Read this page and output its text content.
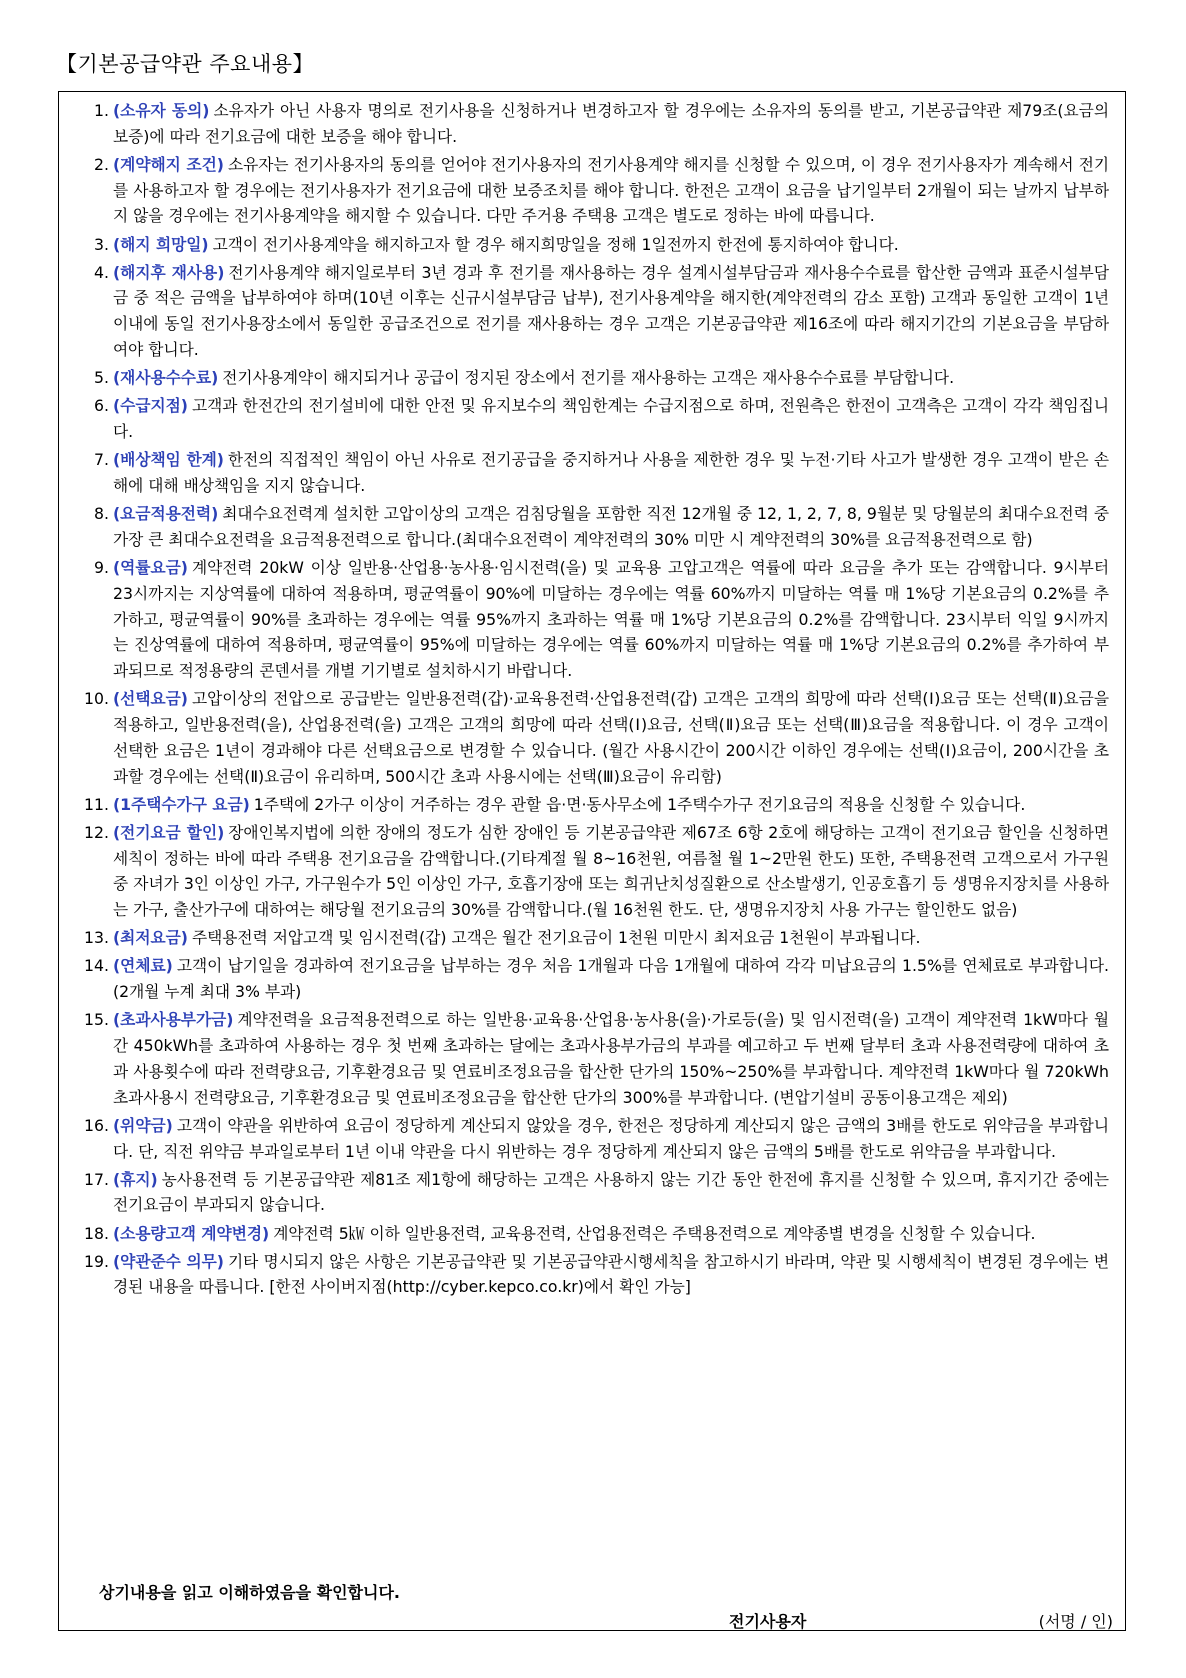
【기본공급약관 주요내용】
1. (소유자 동의) 소유자가 아닌 사용자 명의로 전기사용을 신청하거나 변경하고자 할 경우에는 소유자의 동의를 받고, 기본공급약관 제79조(요금의 보증)에 따라 전기요금에 대한 보증을 해야 합니다.
2. (계약해지 조건) 소유자는 전기사용자의 동의를 얻어야 전기사용자의 전기사용계약 해지를 신청할 수 있으며, 이 경우 전기사용자가 계속해서 전기를 사용하고자 할 경우에는 전기사용자가 전기요금에 대한 보증조치를 해야 합니다. 한전은 고객이 요금을 납기일부터 2개월이 되는 날까지 납부하지 않을 경우에는 전기사용계약을 해지할 수 있습니다. 다만 주거용 주택용 고객은 별도로 정하는 바에 따릅니다.
3. (해지 희망일) 고객이 전기사용계약을 해지하고자 할 경우 해지희망일을 정해 1일전까지 한전에 통지하여야 합니다.
4. (해지후 재사용) 전기사용계약 해지일로부터 3년 경과 후 전기를 재사용하는 경우 설계시설부담금과 재사용수수료를 합산한 금액과 표준시설부담금 중 적은 금액을 납부하여야 하며(10년 이후는 신규시설부담금 납부), 전기사용계약을 해지한(계약전력의 감소 포함) 고객과 동일한 고객이 1년 이내에 동일 전기사용장소에서 동일한 공급조건으로 전기를 재사용하는 경우 고객은 기본공급약관 제16조에 따라 해지기간의 기본요금을 부담하여야 합니다.
5. (재사용수수료) 전기사용계약이 해지되거나 공급이 정지된 장소에서 전기를 재사용하는 고객은 재사용수수료를 부담합니다.
6. (수급지점) 고객과 한전간의 전기설비에 대한 안전 및 유지보수의 책임한계는 수급지점으로 하며, 전원측은 한전이 고객측은 고객이 각각 책임집니다.
7. (배상책임 한계) 한전의 직접적인 책임이 아닌 사유로 전기공급을 중지하거나 사용을 제한한 경우 및 누전·기타 사고가 발생한 경우 고객이 받은 손해에 대해 배상책임을 지지 않습니다.
8. (요금적용전력) 최대수요전력계 설치한 고압이상의 고객은 검침당월을 포함한 직전 12개월 중 12, 1, 2, 7, 8, 9월분 및 당월분의 최대수요전력 중 가장 큰 최대수요전력을 요금적용전력으로 합니다.(최대수요전력이 계약전력의 30% 미만 시 계약전력의 30%를 요금적용전력으로 함)
9. (역률요금) 계약전력 20kW 이상 일반용·산업용·농사용·임시전력(을) 및 교육용 고압고객은 역률에 따라 요금을 추가 또는 감액합니다. 9시부터 23시까지는 지상역률에 대하여 적용하며, 평균역률이 90%에 미달하는 경우에는 역률 60%까지 미달하는 역률 매 1%당 기본요금의 0.2%를 추가하고, 평균역률이 90%를 초과하는 경우에는 역률 95%까지 초과하는 역률 매 1%당 기본요금의 0.2%를 감액합니다. 23시부터 익일 9시까지는 진상역률에 대하여 적용하며, 평균역률이 95%에 미달하는 경우에는 역률 60%까지 미달하는 역률 매 1%당 기본요금의 0.2%를 추가하여 부과되므로 적정용량의 콘덴서를 개별 기기별로 설치하시기 바랍니다.
10. (선택요금) 고압이상의 전압으로 공급받는 일반용전력(갑)·교육용전력·산업용전력(갑) 고객은 고객의 희망에 따라 선택(Ⅰ)요금 또는 선택(Ⅱ)요금을 적용하고, 일반용전력(을), 산업용전력(을) 고객은 고객의 희망에 따라 선택(Ⅰ)요금, 선택(Ⅱ)요금 또는 선택(Ⅲ)요금을 적용합니다. 이 경우 고객이 선택한 요금은 1년이 경과해야 다른 선택요금으로 변경할 수 있습니다. (월간 사용시간이 200시간 이하인 경우에는 선택(Ⅰ)요금이, 200시간을 초과할 경우에는 선택(Ⅱ)요금이 유리하며, 500시간 초과 사용시에는 선택(Ⅲ)요금이 유리함)
11. (1주택수가구 요금) 1주택에 2가구 이상이 거주하는 경우 관할 읍·면·동사무소에 1주택수가구 전기요금의 적용을 신청할 수 있습니다.
12. (전기요금 할인) 장애인복지법에 의한 장애의 정도가 심한 장애인 등 기본공급약관 제67조 6항 2호에 해당하는 고객이 전기요금 할인을 신청하면 세칙이 정하는 바에 따라 주택용 전기요금을 감액합니다.(기타계절 월 8~16천원, 여름철 월 1~2만원 한도) 또한, 주택용전력 고객으로서 가구원 중 자녀가 3인 이상인 가구, 가구원수가 5인 이상인 가구, 호흡기장애 또는 희귀난치성질환으로 산소발생기, 인공호흡기 등 생명유지장치를 사용하는 가구, 출산가구에 대하여는 해당월 전기요금의 30%를 감액합니다.(월 16천원 한도. 단, 생명유지장치 사용 가구는 할인한도 없음)
13. (최저요금) 주택용전력 저압고객 및 임시전력(갑) 고객은 월간 전기요금이 1천원 미만시 최저요금 1천원이 부과됩니다.
14. (연체료) 고객이 납기일을 경과하여 전기요금을 납부하는 경우 처음 1개월과 다음 1개월에 대하여 각각 미납요금의 1.5%를 연체료로 부과합니다.(2개월 누계 최대 3% 부과)
15. (초과사용부가금) 계약전력을 요금적용전력으로 하는 일반용·교육용·산업용·농사용(을)·가로등(을) 및 임시전력(을) 고객이 계약전력 1kW마다 월간 450kWh를 초과하여 사용하는 경우 첫 번째 초과하는 달에는 초과사용부가금의 부과를 예고하고 두 번째 달부터 초과 사용전력량에 대하여 초과 사용횟수에 따라 전력량요금, 기후환경요금 및 연료비조정요금을 합산한 단가의 150%~250%를 부과합니다. 계약전력 1kW마다 월 720kWh 초과사용시 전력량요금, 기후환경요금 및 연료비조정요금을 합산한 단가의 300%를 부과합니다. (변압기설비 공동이용고객은 제외)
16. (위약금) 고객이 약관을 위반하여 요금이 정당하게 계산되지 않았을 경우, 한전은 정당하게 계산되지 않은 금액의 3배를 한도로 위약금을 부과합니다. 단, 직전 위약금 부과일로부터 1년 이내 약관을 다시 위반하는 경우 정당하게 계산되지 않은 금액의 5배를 한도로 위약금을 부과합니다.
17. (휴지) 농사용전력 등 기본공급약관 제81조 제1항에 해당하는 고객은 사용하지 않는 기간 동안 한전에 휴지를 신청할 수 있으며, 휴지기간 중에는 전기요금이 부과되지 않습니다.
18. (소용량고객 계약변경) 계약전력 5㎾ 이하 일반용전력, 교육용전력, 산업용전력은 주택용전력으로 계약종별 변경을 신청할 수 있습니다.
19. (약관준수 의무) 기타 명시되지 않은 사항은 기본공급약관 및 기본공급약관시행세칙을 참고하시기 바라며, 약관 및 시행세칙이 변경된 경우에는 변경된 내용을 따릅니다. [한전 사이버지점(http://cyber.kepco.co.kr)에서 확인 가능]
상기내용을 읽고 이해하였음을 확인합니다.
전기사용자	(서명 / 인)
